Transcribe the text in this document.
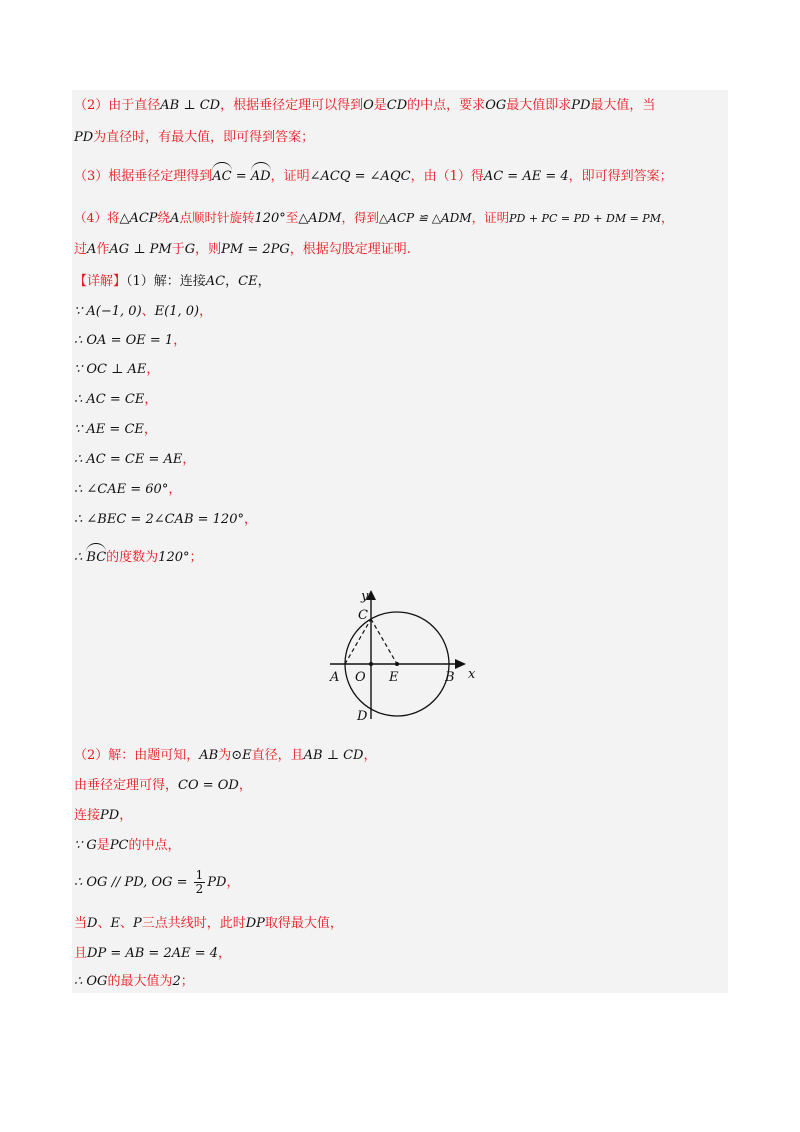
（2）由于直径AB ⊥ CD，根据垂径定理可以得到O是CD的中点，要求OG最大值即求PD最大值，当
PD为直径时，有最大值，即可得到答案；
（3）根据垂径定理得到AC = AD，证明∠ACQ = ∠AQC，由（1）得AC = AE = 4，即可得到答案；
（4）将△ACP绕A点顺时针旋转120°至△ADM，得到△ACP ≌ △ADM，证明PD + PC = PD + DM = PM，
过A作AG ⊥ PM于G，则PM = 2PG，根据勾股定理证明.
【详解】（1）解：连接AC，CE，
∵ A(−1, 0)、E(1, 0)，
∴ OA = OE = 1，
∵ OC ⊥ AE，
∴ AC = CE，
∵ AE = CE，
∴ AC = CE = AE，
∴ ∠CAE = 60°，
∴ ∠BEC = 2∠CAB = 120°，
∴ BC的度数为120°；
y
x
C
A O E	B
D
（2）解：由题可知，AB为⊙E直径，且AB ⊥ CD，
由垂径定理可得，CO = OD，
连接PD，
∵ G是PC的中点，
∴ OG // PD, OG = $\frac{1}{2}$ PD，
当D、E、P三点共线时，此时DP取得最大值，
且DP = AB = 2AE = 4，
∴ OG的最大值为2；
